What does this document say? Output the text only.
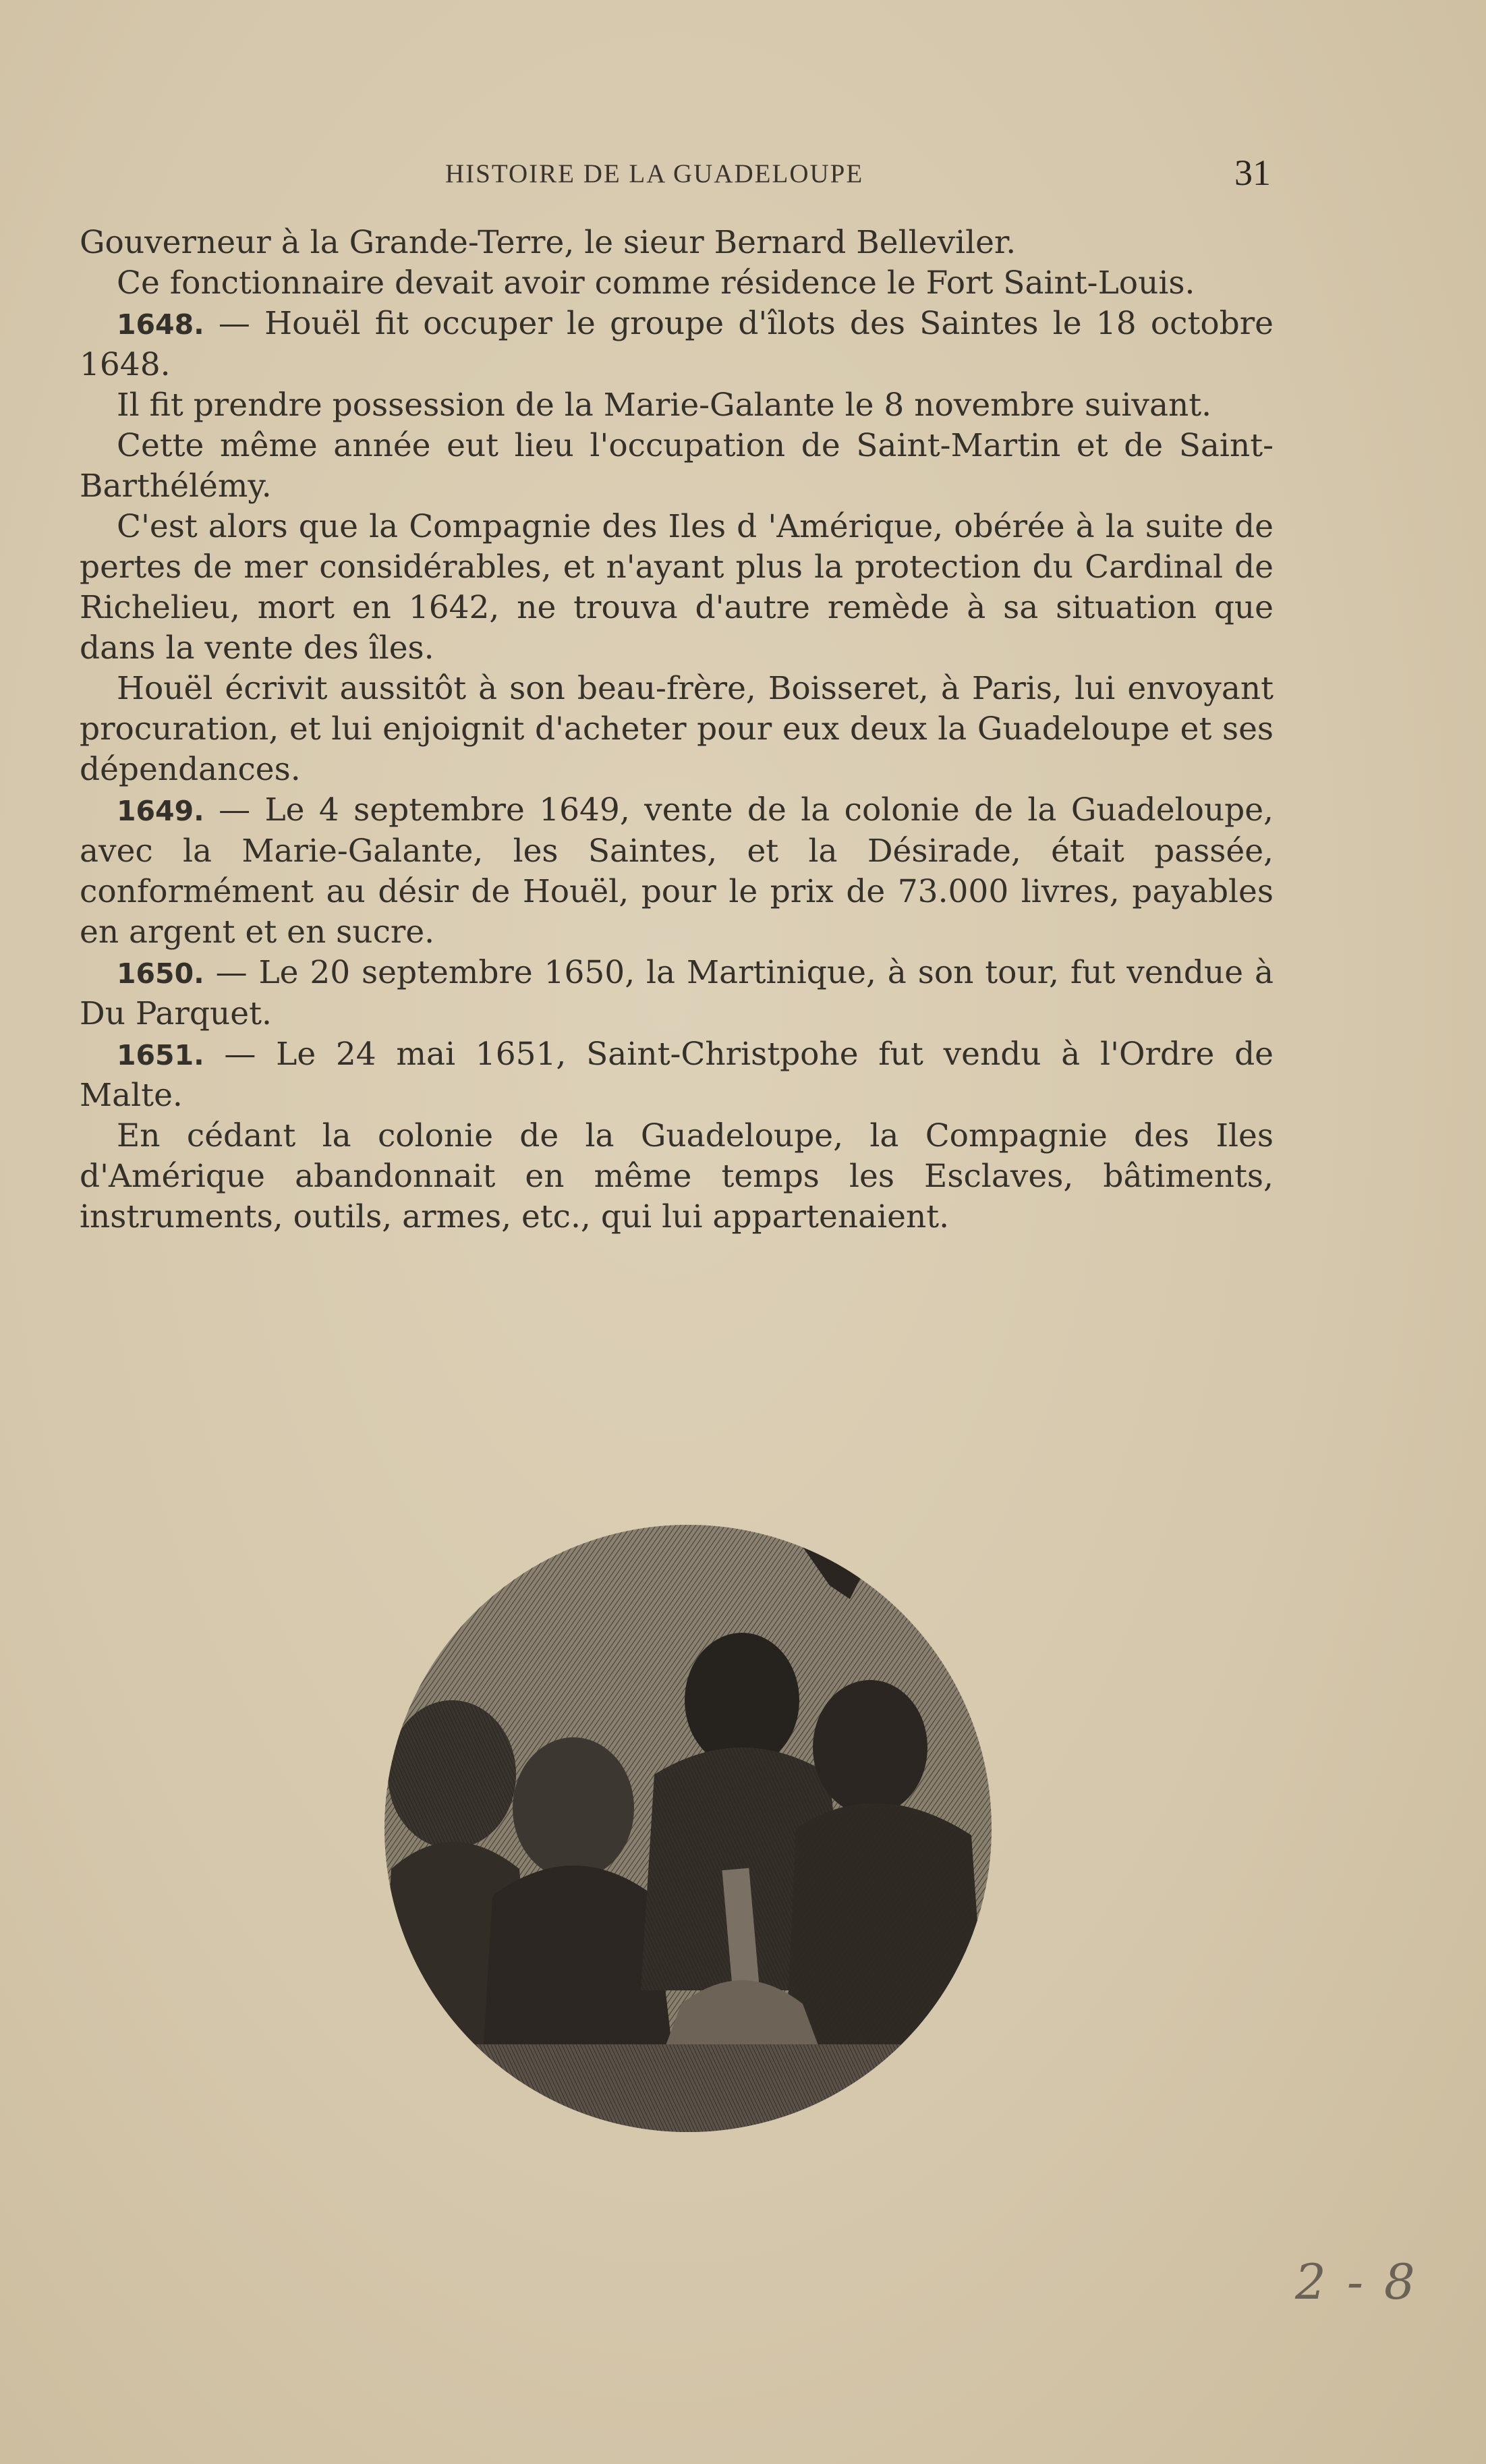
HISTOIRE DE LA GUADELOUPE	31

Gouverneur à la Grande-Terre, le sieur Bernard Belleviler.

Ce fonctionnaire devait avoir comme résidence le Fort Saint-Louis.

1648. — Houël fit occuper le groupe d'îlots des Saintes le 18 octobre 1648.

Il fit prendre possession de la Marie-Galante le 8 novembre suivant.

Cette même année eut lieu l'occupation de Saint-Martin et de Saint-Barthélémy.

C'est alors que la Compagnie des Iles d 'Amérique, obérée à la suite de pertes de mer considérables, et n'ayant plus la protection du Cardinal de Richelieu, mort en 1642, ne trouva d'autre remède à sa situation que dans la vente des îles.

Houël écrivit aussitôt à son beau-frère, Boisseret, à Paris, lui envoyant procuration, et lui enjoignit d'acheter pour eux deux la Guadeloupe et ses dépendances.

1649. — Le 4 septembre 1649, vente de la colonie de la Guadeloupe, avec la Marie-Galante, les Saintes, et la Désirade, était passée, conformément au désir de Houël, pour le prix de 73.000 livres, payables en argent et en sucre.

1650. — Le 20 septembre 1650, la Martinique, à son tour, fut vendue à Du Parquet.

1651. — Le 24 mai 1651, Saint-Christpohe fut vendu à l'Ordre de Malte.

En cédant la colonie de la Guadeloupe, la Compagnie des Iles d'Amérique abandonnait en même temps les Esclaves, bâtiments, instruments, outils, armes, etc., qui lui appartenaient.

2 - 8
